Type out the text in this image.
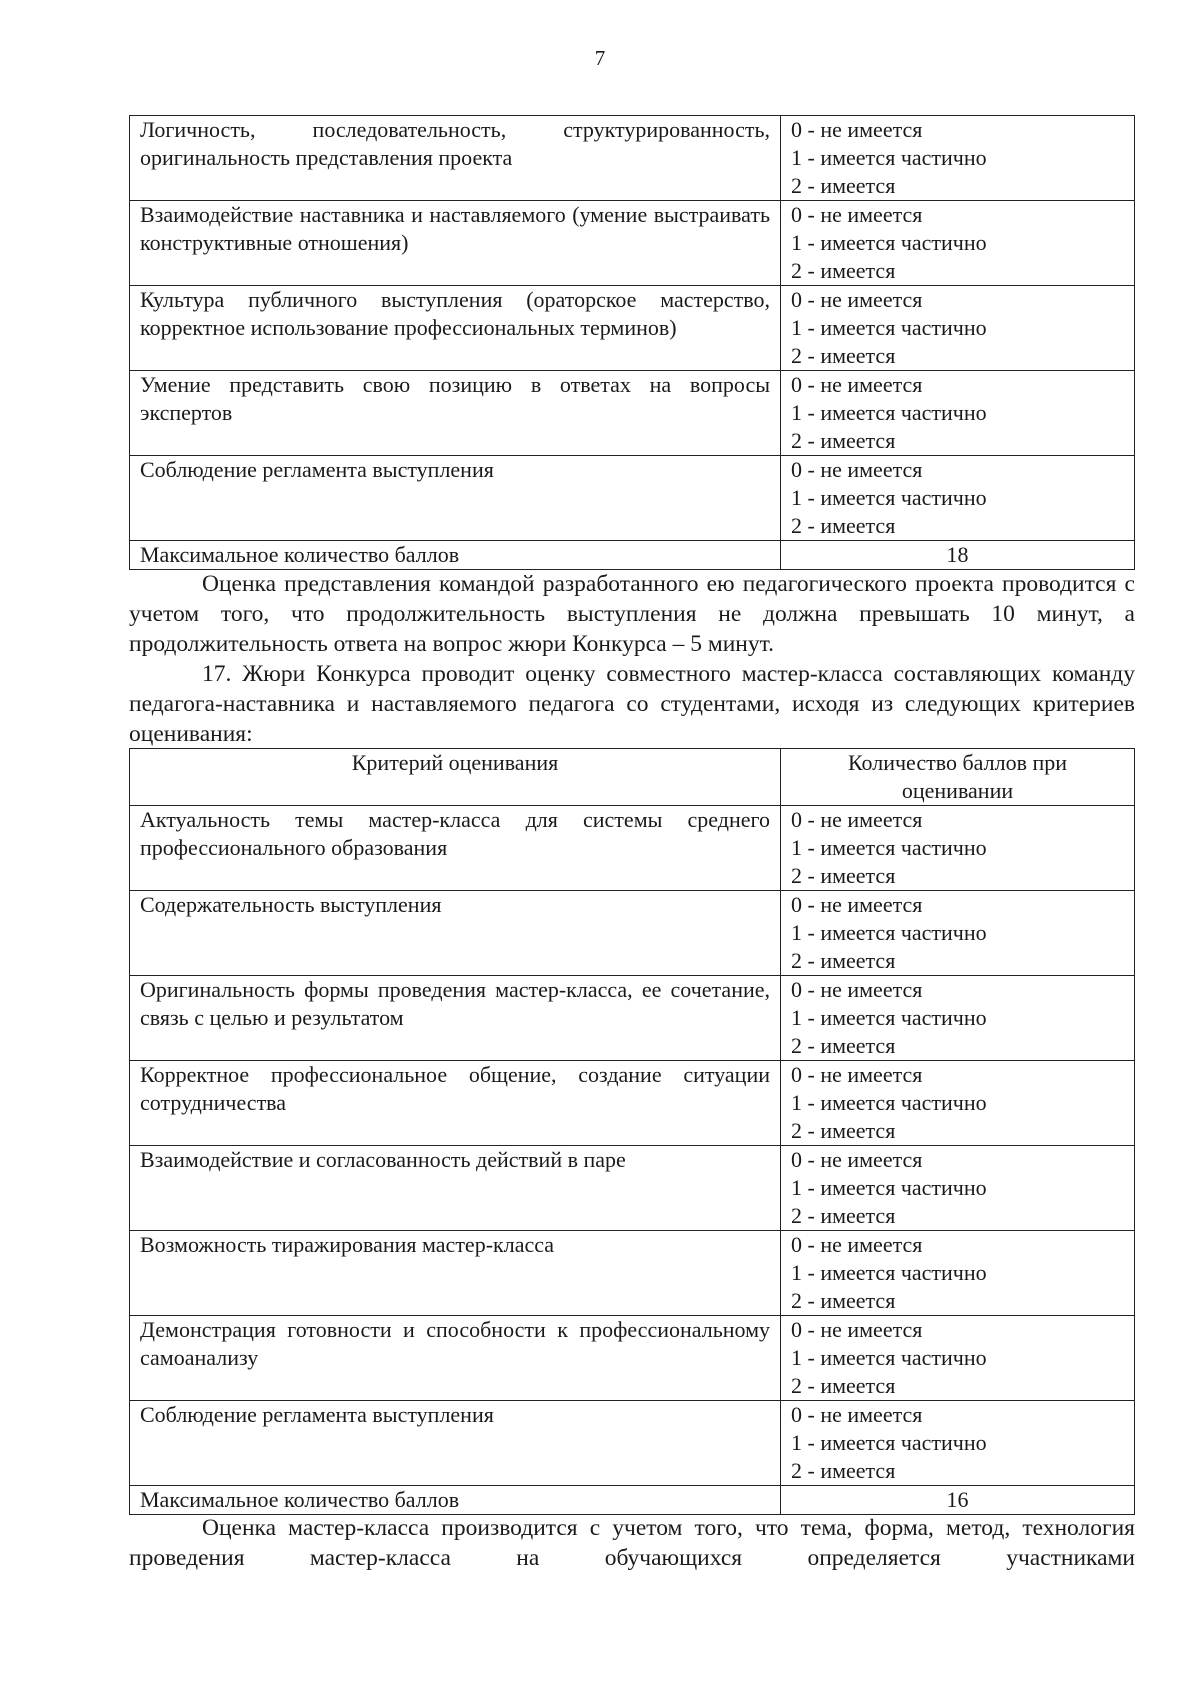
7
Логичность, последовательность, структурированность, оригинальность представления проекта	0 - не имеется
1 - имеется частично
2 - имеется

Взаимодействие наставника и наставляемого (умение выстраивать конструктивные отношения)	0 - не имеется
1 - имеется частично
2 - имеется

Культура публичного выступления (ораторское мастерство, корректное использование профессиональных терминов)	0 - не имеется
1 - имеется частично
2 - имеется

Умение представить свою позицию в ответах на вопросы экспертов	0 - не имеется
1 - имеется частично
2 - имеется

Соблюдение регламента выступления	0 - не имеется
1 - имеется частично
2 - имеется

Максимальное количество баллов	18

Оценка представления командой разработанного ею педагогического проекта проводится с учетом того, что продолжительность выступления не должна превышать 10 минут, а продолжительность ответа на вопрос жюри Конкурса – 5 минут.

17. Жюри Конкурса проводит оценку совместного мастер-класса составляющих команду педагога-наставника и наставляемого педагога со студентами, исходя из следующих критериев оценивания:

Критерий оценивания	Количество баллов при оценивании
Актуальность темы мастер-класса для системы среднего профессионального образования	0 - не имеется
1 - имеется частично
2 - имеется

Содержательность выступления	0 - не имеется
1 - имеется частично
2 - имеется

Оригинальность формы проведения мастер-класса, ее сочетание, связь с целью и результатом	0 - не имеется
1 - имеется частично
2 - имеется

Корректное профессиональное общение, создание ситуации сотрудничества	0 - не имеется
1 - имеется частично
2 - имеется

Взаимодействие и согласованность действий в паре	0 - не имеется
1 - имеется частично
2 - имеется

Возможность тиражирования мастер-класса	0 - не имеется
1 - имеется частично
2 - имеется

Демонстрация готовности и способности к профессиональному самоанализу	0 - не имеется
1 - имеется частично
2 - имеется

Соблюдение регламента выступления	0 - не имеется
1 - имеется частично
2 - имеется

Максимальное количество баллов	16

Оценка мастер-класса производится с учетом того, что тема, форма, метод, технология проведения мастер-класса на обучающихся определяется участниками
